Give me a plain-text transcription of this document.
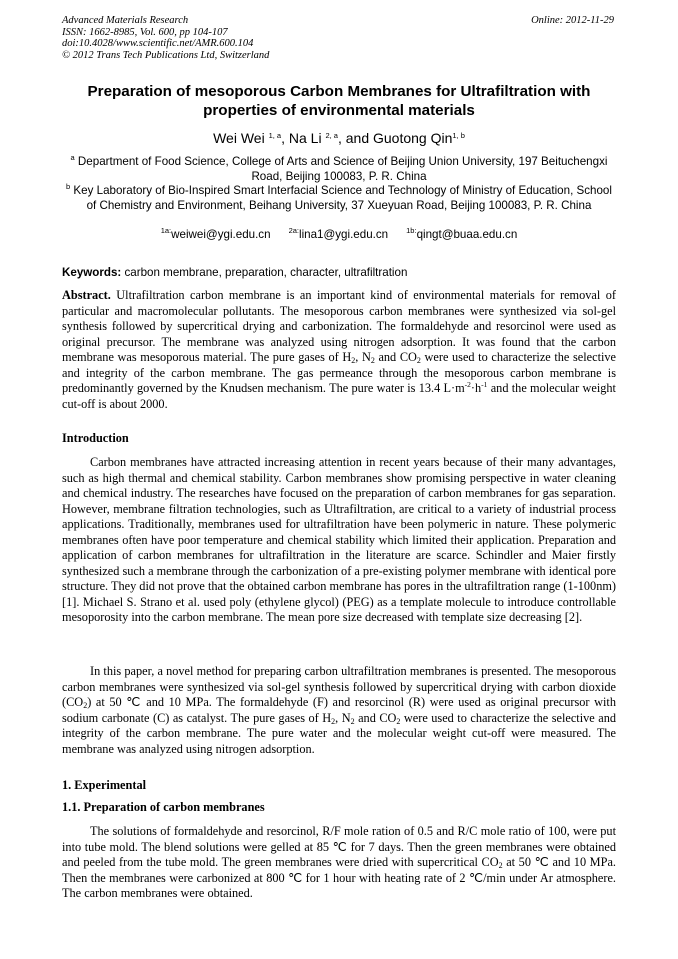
Advanced Materials Research
ISSN: 1662-8985, Vol. 600, pp 104-107
doi:10.4028/www.scientific.net/AMR.600.104
© 2012 Trans Tech Publications Ltd, Switzerland
Online: 2012-11-29
Preparation of mesoporous Carbon Membranes for Ultrafiltration with properties of environmental materials
Wei Wei $^{1, a}$, Na Li $^{2, a}$, and Guotong Qin$^{1, b}$
$^a$ Department of Food Science, College of Arts and Science of Beijing Union University, 197 Beituchengxi Road, Beijing 100083, P. R. China
$^b$ Key Laboratory of Bio-Inspired Smart Interfacial Science and Technology of Ministry of Education, School of Chemistry and Environment, Beihang University, 37 Xueyuan Road, Beijing 100083, P. R. China
$^{1a:}$weiwei@ygi.edu.cn $^{2a:}$lina1@ygi.edu.cn $^{1b:}$qingt@buaa.edu.cn
Keywords: carbon membrane, preparation, character, ultrafiltration
Abstract. Ultrafiltration carbon membrane is an important kind of environmental materials for removal of particular and macromolecular pollutants. The mesoporous carbon membranes were synthesized via sol-gel synthesis followed by supercritical drying and carbonization. The formaldehyde and resorcinol were used as original precursor. The membrane was analyzed using nitrogen adsorption. It was found that the carbon membrane was mesoporous material. The pure gases of $H_2$, $N_2$ and $CO_2$ were used to characterize the selective and integrity of the carbon membrane. The gas permeance through the mesoporous carbon membrane is predominantly governed by the Knudsen mechanism. The pure water is 13.4 $L\cdot m^{-2}\cdot h^{-1}$ and the molecular weight cut-off is about 2000.
Introduction
Carbon membranes have attracted increasing attention in recent years because of their many advantages, such as high thermal and chemical stability. Carbon membranes show promising perspective in water cleaning and chemical industry. The researches have focused on the preparation of carbon membranes for gas separation. However, membrane filtration technologies, such as Ultrafiltration, are critical to a variety of industrial process applications. Traditionally, membranes used for ultrafiltration have been polymeric in nature. These polymeric membranes often have poor temperature and chemical stability which limited their application. Preparation and application of carbon membranes for ultrafiltration in the literature are scarce. Schindler and Maier firstly synthesized such a membrane through the carbonization of a pre-existing polymer membrane with identical pore structure. They did not prove that the obtained carbon membrane has pores in the ultrafiltration range (1-100nm) [1]. Michael S. Strano et al. used poly (ethylene glycol) (PEG) as a template molecule to introduce controllable mesoporosity into the carbon membrane. The mean pore size decreased with template size decreasing [2].
In this paper, a novel method for preparing carbon ultrafiltration membranes is presented. The mesoporous carbon membranes were synthesized via sol-gel synthesis followed by supercritical drying with carbon dioxide $(CO_2)$ at 50 ℃ and 10 MPa. The formaldehyde (F) and resorcinol (R) were used as original precursor with sodium carbonate (C) as catalyst. The pure gases of $H_2$, $N_2$ and $CO_2$ were used to characterize the selective and integrity of the carbon membrane. The pure water and the molecular weight cut-off were measured. The membrane was analyzed using nitrogen adsorption.
1. Experimental
1.1. Preparation of carbon membranes
The solutions of formaldehyde and resorcinol, R/F mole ration of 0.5 and R/C mole ratio of 100, were put into tube mold. The blend solutions were gelled at 85 ℃ for 7 days. Then the green membranes were obtained and peeled from the tube mold. The green membranes were dried with supercritical $CO_2$ at 50 ℃ and 10 MPa. Then the membranes were carbonized at 800 ℃ for 1 hour with heating rate of 2 ℃/min under Ar atmosphere. The carbon membranes were obtained.
